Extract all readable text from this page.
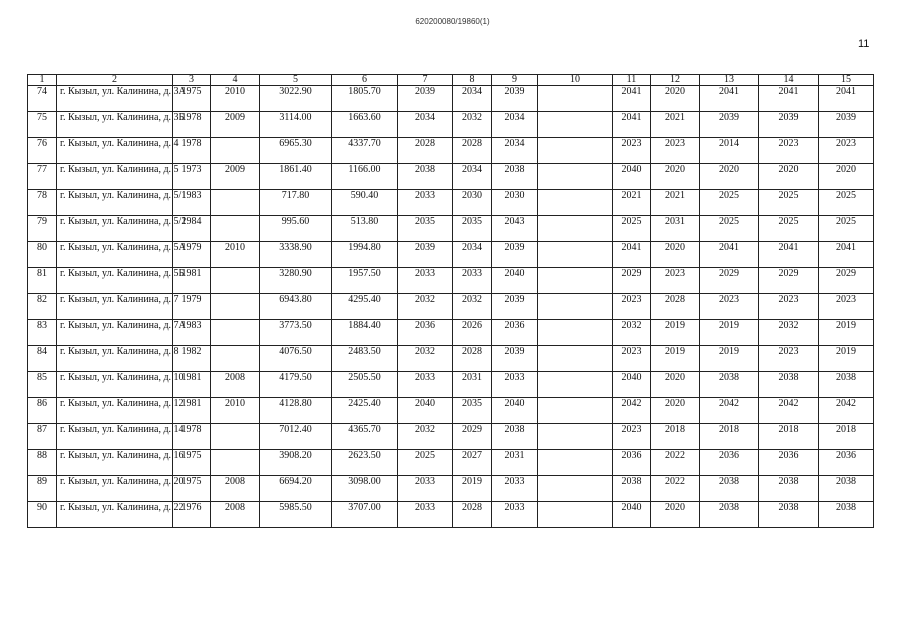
620200080/19860(1)
11
1	2	3	4	5	6	7	8	9	10	11	12	13	14	15
74	г. Кызыл, ул. Калинина, д. 3А	1975	2010	3022.90	1805.70	2039	2034	2039		2041	2020	2041	2041	2041
75	г. Кызыл, ул. Калинина, д. 3Б	1978	2009	3114.00	1663.60	2034	2032	2034		2041	2021	2039	2039	2039
76	г. Кызыл, ул. Калинина, д. 4	1978		6965.30	4337.70	2028	2028	2034		2023	2023	2014	2023	2023
77	г. Кызыл, ул. Калинина, д. 5	1973	2009	1861.40	1166.00	2038	2034	2038		2040	2020	2020	2020	2020
78	г. Кызыл, ул. Калинина, д. 5/1	1983		717.80	590.40	2033	2030	2030		2021	2021	2025	2025	2025
79	г. Кызыл, ул. Калинина, д. 5/2	1984		995.60	513.80	2035	2035	2043		2025	2031	2025	2025	2025
80	г. Кызыл, ул. Калинина, д. 5А	1979	2010	3338.90	1994.80	2039	2034	2039		2041	2020	2041	2041	2041
81	г. Кызыл, ул. Калинина, д. 5Б	1981		3280.90	1957.50	2033	2033	2040		2029	2023	2029	2029	2029
82	г. Кызыл, ул. Калинина, д. 7	1979		6943.80	4295.40	2032	2032	2039		2023	2028	2023	2023	2023
83	г. Кызыл, ул. Калинина, д. 7А	1983		3773.50	1884.40	2036	2026	2036		2032	2019	2019	2032	2019
84	г. Кызыл, ул. Калинина, д. 8	1982		4076.50	2483.50	2032	2028	2039		2023	2019	2019	2023	2019
85	г. Кызыл, ул. Калинина, д. 10	1981	2008	4179.50	2505.50	2033	2031	2033		2040	2020	2038	2038	2038
86	г. Кызыл, ул. Калинина, д. 12	1981	2010	4128.80	2425.40	2040	2035	2040		2042	2020	2042	2042	2042
87	г. Кызыл, ул. Калинина, д. 14	1978		7012.40	4365.70	2032	2029	2038		2023	2018	2018	2018	2018
88	г. Кызыл, ул. Калинина, д. 16	1975		3908.20	2623.50	2025	2027	2031		2036	2022	2036	2036	2036
89	г. Кызыл, ул. Калинина, д. 20	1975	2008	6694.20	3098.00	2033	2019	2033		2038	2022	2038	2038	2038
90	г. Кызыл, ул. Калинина, д. 22	1976	2008	5985.50	3707.00	2033	2028	2033		2040	2020	2038	2038	2038
